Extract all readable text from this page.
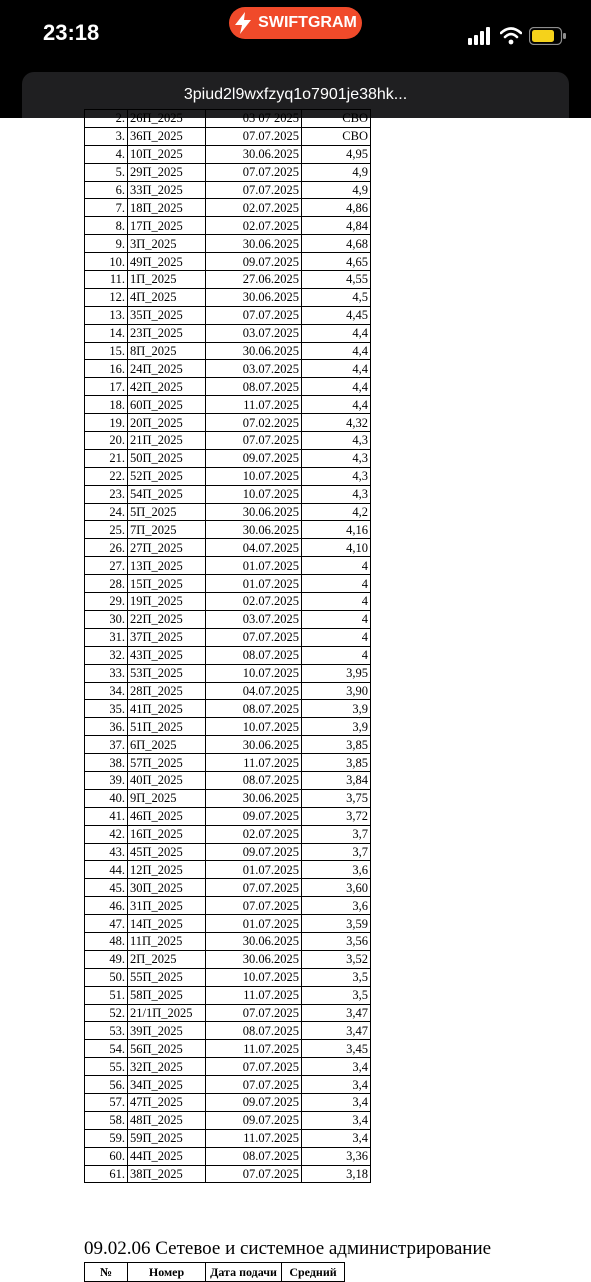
23:18	SWIFTGRAM
3piud2l9wxfzyq1o7901je38hk...
2.	26П_2025	03 07 2025	СВО
3.	36П_2025	07.07.2025	СВО
4.	10П_2025	30.06.2025	4,95
5.	29П_2025	07.07.2025	4,9
6.	33П_2025	07.07.2025	4,9
7.	18П_2025	02.07.2025	4,86
8.	17П_2025	02.07.2025	4,84
9.	3П_2025	30.06.2025	4,68
10.	49П_2025	09.07.2025	4,65
11.	1П_2025	27.06.2025	4,55
12.	4П_2025	30.06.2025	4,5
13.	35П_2025	07.07.2025	4,45
14.	23П_2025	03.07.2025	4,4
15.	8П_2025	30.06.2025	4,4
16.	24П_2025	03.07.2025	4,4
17.	42П_2025	08.07.2025	4,4
18.	60П_2025	11.07.2025	4,4
19.	20П_2025	07.02.2025	4,32
20.	21П_2025	07.07.2025	4,3
21.	50П_2025	09.07.2025	4,3
22.	52П_2025	10.07.2025	4,3
23.	54П_2025	10.07.2025	4,3
24.	5П_2025	30.06.2025	4,2
25.	7П_2025	30.06.2025	4,16
26.	27П_2025	04.07.2025	4,10
27.	13П_2025	01.07.2025	4
28.	15П_2025	01.07.2025	4
29.	19П_2025	02.07.2025	4
30.	22П_2025	03.07.2025	4
31.	37П_2025	07.07.2025	4
32.	43П_2025	08.07.2025	4
33.	53П_2025	10.07.2025	3,95
34.	28П_2025	04.07.2025	3,90
35.	41П_2025	08.07.2025	3,9
36.	51П_2025	10.07.2025	3,9
37.	6П_2025	30.06.2025	3,85
38.	57П_2025	11.07.2025	3,85
39.	40П_2025	08.07.2025	3,84
40.	9П_2025	30.06.2025	3,75
41.	46П_2025	09.07.2025	3,72
42.	16П_2025	02.07.2025	3,7
43.	45П_2025	09.07.2025	3,7
44.	12П_2025	01.07.2025	3,6
45.	30П_2025	07.07.2025	3,60
46.	31П_2025	07.07.2025	3,6
47.	14П_2025	01.07.2025	3,59
48.	11П_2025	30.06.2025	3,56
49.	2П_2025	30.06.2025	3,52
50.	55П_2025	10.07.2025	3,5
51.	58П_2025	11.07.2025	3,5
52.	21/1П_2025	07.07.2025	3,47
53.	39П_2025	08.07.2025	3,47
54.	56П_2025	11.07.2025	3,45
55.	32П_2025	07.07.2025	3,4
56.	34П_2025	07.07.2025	3,4
57.	47П_2025	09.07.2025	3,4
58.	48П_2025	09.07.2025	3,4
59.	59П_2025	11.07.2025	3,4
60.	44П_2025	08.07.2025	3,36
61.	38П_2025	07.07.2025	3,18
09.02.06 Сетевое и системное администрирование
№	Номер	Дата подачи	Средний
